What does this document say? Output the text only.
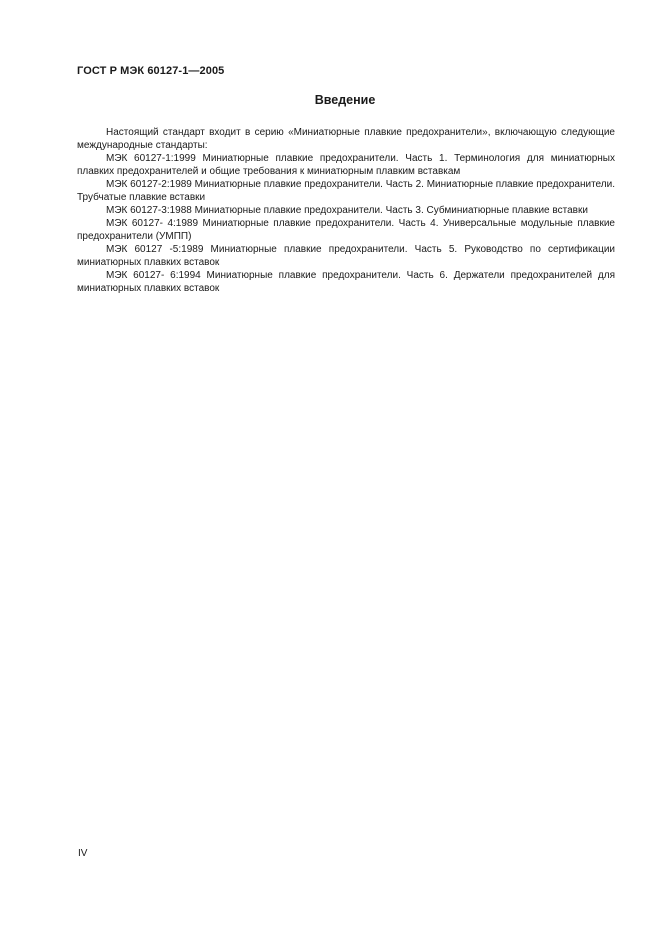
ГОСТ Р МЭК 60127-1—2005
Введение

Настоящий стандарт входит в серию «Миниатюрные плавкие предохранители», включающую следующие международные стандарты:

МЭК 60127-1:1999 Миниатюрные плавкие предохранители. Часть 1. Терминология для миниатюрных плавких предохранителей и общие требования к миниатюрным плавким вставкам

МЭК 60127-2:1989 Миниатюрные плавкие предохранители. Часть 2. Миниатюрные плавкие предохранители. Трубчатые плавкие вставки

МЭК 60127-3:1988 Миниатюрные плавкие предохранители. Часть 3. Субминиатюрные плавкие вставки

МЭК 60127- 4:1989 Миниатюрные плавкие предохранители. Часть 4. Универсальные модульные плавкие предохранители (УМПП)

МЭК 60127 -5:1989 Миниатюрные плавкие предохранители. Часть 5. Руководство по сертификации миниатюрных плавких вставок

МЭК 60127- 6:1994 Миниатюрные плавкие предохранители. Часть 6. Держатели предохранителей для миниатюрных плавких вставок

IV
